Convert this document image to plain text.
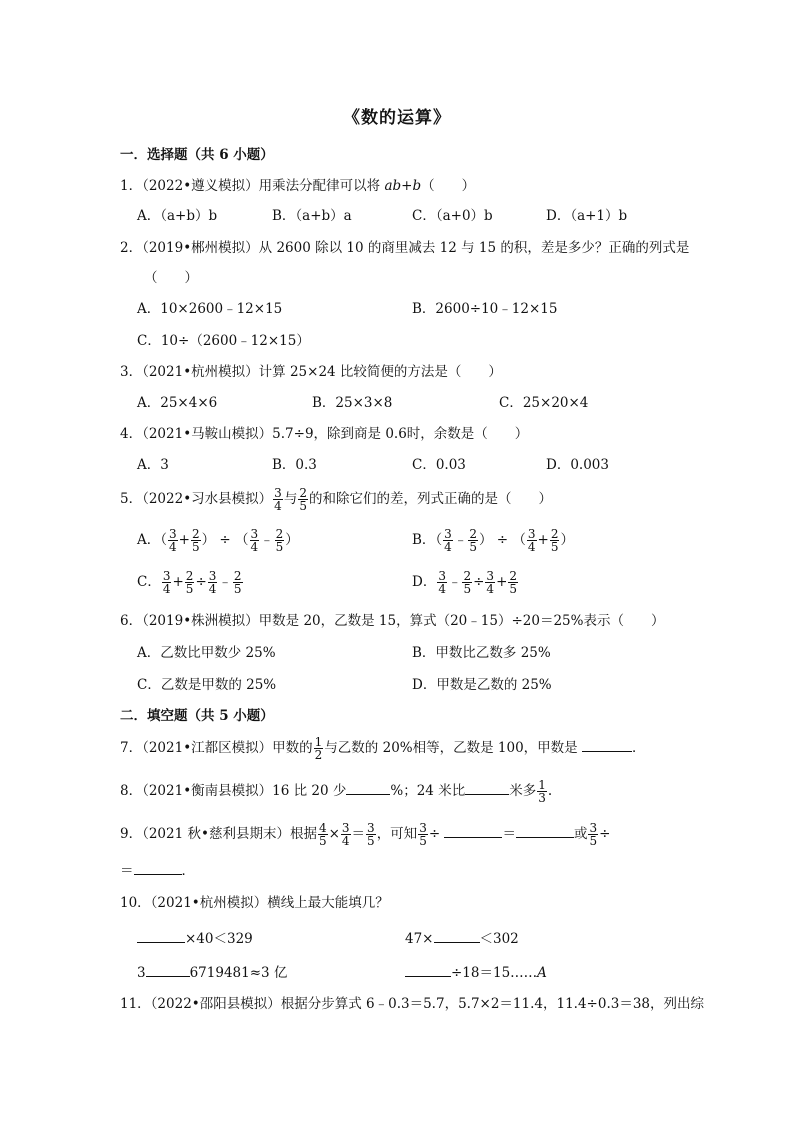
《数的运算》
一．选择题（共 6 小题）
1．（2022•遵义模拟）用乘法分配律可以将 ab+b（　　）
A．（a+b）b	B．（a+b）a	C．（a+0）b	D．（a+1）b
2．（2019•郴州模拟）从 2600 除以 10 的商里减去 12 与 15 的积，差是多少？正确的列式是
（　　）
A．10×2600﹣12×15	B．2600÷10﹣12×15
C．10÷（2600﹣12×15）
3．（2021•杭州模拟）计算 25×24 比较简便的方法是（　　）
A．25×4×6	B．25×3×8	C．25×20×4
4．（2021•马鞍山模拟）5.7÷9，除到商是 0.6时，余数是（　　）
A．3	B．0.3	C．0.03	D．0.003
5．（2022•习水县模拟） $\frac{3}{4}$ 与 $\frac{2}{5}$ 的和除它们的差，列式正确的是（　　）
A．（ $\frac{3}{4} + \frac{2}{5}$ ） ÷ （ $\frac{3}{4}$ ﹣ $\frac{2}{5}$ ）	B．（ $\frac{3}{4}$ ﹣ $\frac{2}{5}$ ） ÷ （ $\frac{3}{4} + \frac{2}{5}$ ）
C． $\frac{3}{4} + \frac{2}{5} \div \frac{3}{4}$ ﹣ $\frac{2}{5}$	D． $\frac{3}{4}$ ﹣ $\frac{2}{5} \div \frac{3}{4} + \frac{2}{5}$
6．（2019•株洲模拟）甲数是 20，乙数是 15，算式（20﹣15）÷20＝25%表示（　　）
A．乙数比甲数少 25%	B．甲数比乙数多 25%
C．乙数是甲数的 25%	D．甲数是乙数的 25%
二．填空题（共 5 小题）
7．（2021•江都区模拟）甲数的 $\frac{1}{2}$ 与乙数的 20%相等，乙数是 100，甲数是	．
8．（2021•衡南县模拟）16 比 20 少	%；24 米比	米多 $\frac{1}{3}$ .
9．（2021 秋•慈利县期末）根据 $\frac{4}{5} \times \frac{3}{4} = \frac{3}{5}$ ，可知 $\frac{3}{5}$ ÷	＝	或 $\frac{3}{5}$ ÷
＝	．
10．（2021•杭州模拟）横线上最大能填几？
×40＜329	47×	＜302
3	6719481≈3 亿	÷18＝15……A
11．（2022•邵阳县模拟）根据分步算式 6﹣0.3＝5.7，5.7×2＝11.4，11.4÷0.3＝38，列出综
